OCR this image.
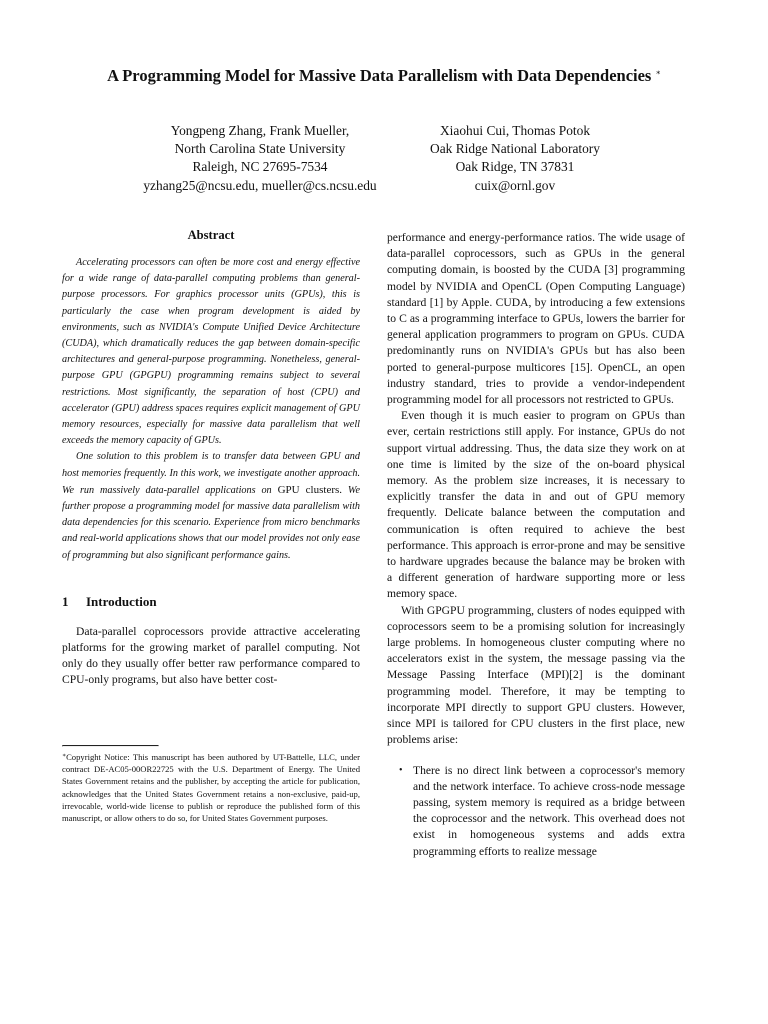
A Programming Model for Massive Data Parallelism with Data Dependencies ∗
Yongpeng Zhang, Frank Mueller,
North Carolina State University
Raleigh, NC 27695-7534
yzhang25@ncsu.edu, mueller@cs.ncsu.edu
Xiaohui Cui, Thomas Potok
Oak Ridge National Laboratory
Oak Ridge, TN 37831
cuix@ornl.gov
Abstract

Accelerating processors can often be more cost and energy effective for a wide range of data-parallel computing problems than general-purpose processors. For graphics processor units (GPUs), this is particularly the case when program development is aided by environments, such as NVIDIA's Compute Unified Device Architecture (CUDA), which dramatically reduces the gap between domain-specific architectures and general-purpose programming. Nonetheless, general-purpose GPU (GPGPU) programming remains subject to several restrictions. Most significantly, the separation of host (CPU) and accelerator (GPU) address spaces requires explicit management of GPU memory resources, especially for massive data parallelism that well exceeds the memory capacity of GPUs.

One solution to this problem is to transfer data between GPU and host memories frequently. In this work, we investigate another approach. We run massively data-parallel applications on GPU clusters. We further propose a programming model for massive data parallelism with data dependencies for this scenario. Experience from micro benchmarks and real-world applications shows that our model provides not only ease of programming but also significant performance gains.

1 Introduction

Data-parallel coprocessors provide attractive accelerating platforms for the growing market of parallel computing. Not only do they usually offer better raw performance compared to CPU-only programs, but also have better cost-

∗Copyright Notice: This manuscript has been authored by UT-Battelle, LLC, under contract DE-AC05-00OR22725 with the U.S. Department of Energy. The United States Government retains and the publisher, by accepting the article for publication, acknowledges that the United States Government retains a non-exclusive, paid-up, irrevocable, world-wide license to publish or reproduce the published form of this manuscript, or allow others to do so, for United States Government purposes.

performance and energy-performance ratios. The wide usage of data-parallel coprocessors, such as GPUs in the general computing domain, is boosted by the CUDA [3] programming model by NVIDIA and OpenCL (Open Computing Language) standard [1] by Apple. CUDA, by introducing a few extensions to C as a programming interface to GPUs, lowers the barrier for general application programmers to program on GPUs. CUDA predominantly runs on NVIDIA's GPUs but has also been ported to general-purpose multicores [15]. OpenCL, an open industry standard, tries to provide a vendor-independent programming model for all processors not restricted to GPUs.

Even though it is much easier to program on GPUs than ever, certain restrictions still apply. For instance, GPUs do not support virtual addressing. Thus, the data size they work on at one time is limited by the size of the on-board physical memory. As the problem size increases, it is necessary to explicitly transfer the data in and out of GPU memory frequently. Delicate balance between the computation and communication is often required to achieve the best performance. This approach is error-prone and may be sensitive to hardware upgrades because the balance may be broken with a different generation of hardware supporting more or less memory space.

With GPGPU programming, clusters of nodes equipped with coprocessors seem to be a promising solution for increasingly large problems. In homogeneous cluster computing where no accelerators exist in the system, the message passing via the Message Passing Interface (MPI)[2] is the dominant programming model. Therefore, it may be tempting to incorporate MPI directly to support GPU clusters. However, since MPI is tailored for CPU clusters in the first place, new problems arise:

• There is no direct link between a coprocessor's memory and the network interface. To achieve cross-node message passing, system memory is required as a bridge between the coprocessor and the network. This overhead does not exist in homogeneous systems and adds extra programming efforts to realize message
